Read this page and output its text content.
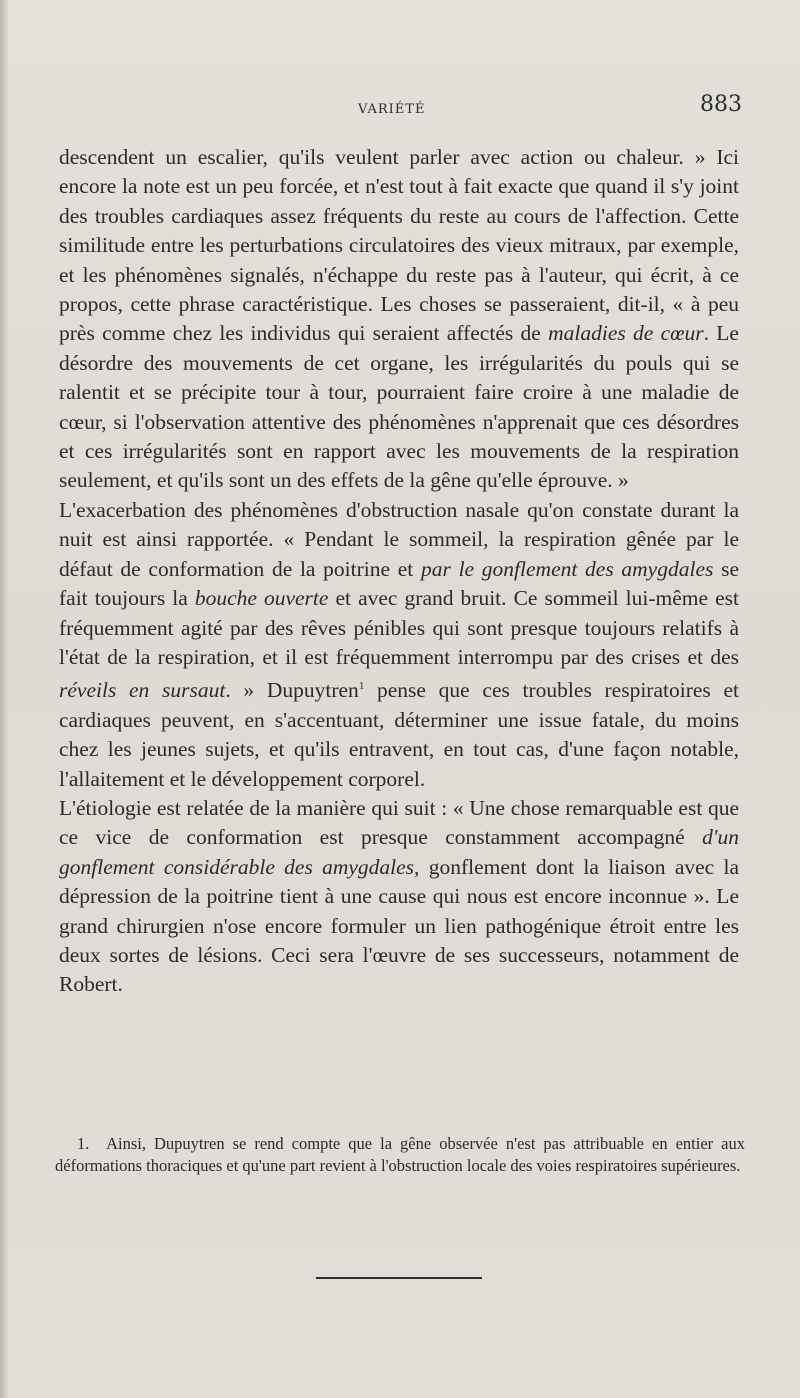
VARIÉTÉ	883

descendent un escalier, qu'ils veulent parler avec action ou chaleur. » Ici encore la note est un peu forcée, et n'est tout à fait exacte que quand il s'y joint des troubles cardiaques assez fréquents du reste au cours de l'affection. Cette similitude entre les perturbations circulatoires des vieux mitraux, par exemple, et les phénomènes signalés, n'échappe du reste pas à l'auteur, qui écrit, à ce propos, cette phrase caractéristique. Les choses se passeraient, dit-il, « à peu près comme chez les individus qui seraient affectés de maladies de cœur. Le désordre des mouvements de cet organe, les irrégularités du pouls qui se ralentit et se précipite tour à tour, pourraient faire croire à une maladie de cœur, si l'observation attentive des phénomènes n'apprenait que ces désordres et ces irrégularités sont en rapport avec les mouvements de la respiration seulement, et qu'ils sont un des effets de la gêne qu'elle éprouve. »

L'exacerbation des phénomènes d'obstruction nasale qu'on constate durant la nuit est ainsi rapportée. « Pendant le sommeil, la respiration gênée par le défaut de conformation de la poitrine et par le gonflement des amygdales se fait toujours la bouche ouverte et avec grand bruit. Ce sommeil lui-même est fréquemment agité par des rêves pénibles qui sont presque toujours relatifs à l'état de la respiration, et il est fréquemment interrompu par des crises et des réveils en sursaut. » Dupuytren$^1$ pense que ces troubles respiratoires et cardiaques peuvent, en s'accentuant, déterminer une issue fatale, du moins chez les jeunes sujets, et qu'ils entravent, en tout cas, d'une façon notable, l'allaitement et le développement corporel.

L'étiologie est relatée de la manière qui suit : « Une chose remarquable est que ce vice de conformation est presque constamment accompagné d'un gonflement considérable des amygdales, gonflement dont la liaison avec la dépression de la poitrine tient à une cause qui nous est encore inconnue ». Le grand chirurgien n'ose encore formuler un lien pathogénique étroit entre les deux sortes de lésions. Ceci sera l'œuvre de ses successeurs, notamment de Robert.

1. Ainsi, Dupuytren se rend compte que la gêne observée n'est pas attribuable en entier aux déformations thoraciques et qu'une part revient à l'obstruction locale des voies respiratoires supérieures.
